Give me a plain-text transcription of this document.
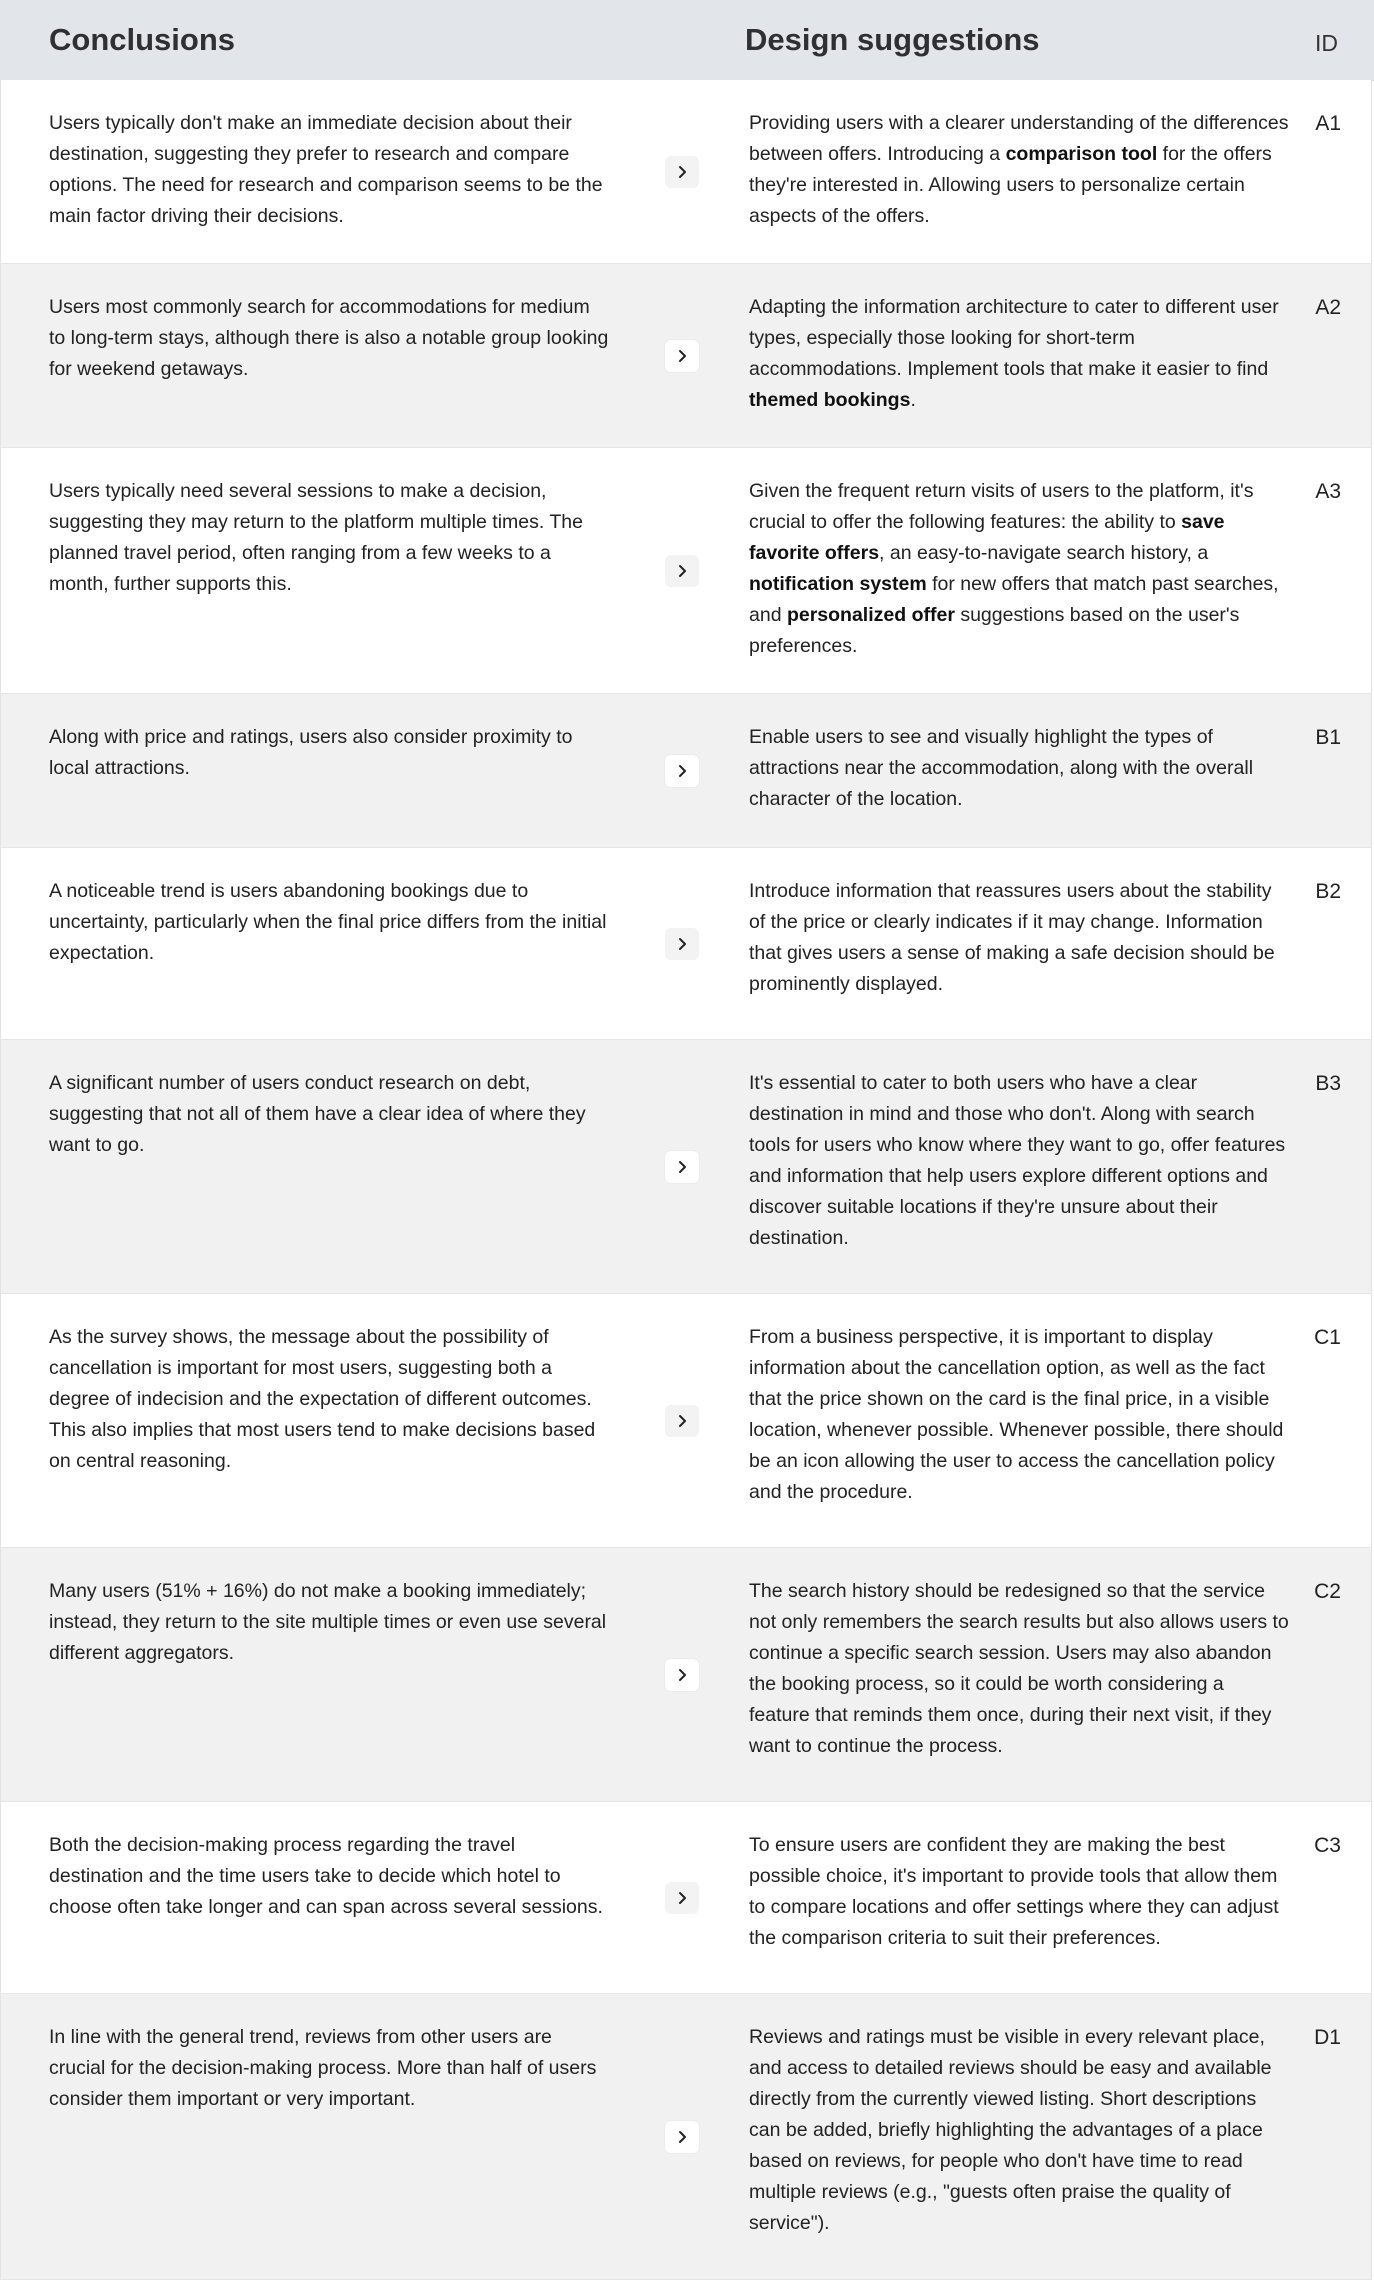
Conclusions	Design suggestions	ID
Users typically don't make an immediate decision about their destination, suggesting they prefer to research and compare options. The need for research and comparison seems to be the main factor driving their decisions.
Providing users with a clearer understanding of the differences between offers. Introducing a comparison tool for the offers they're interested in. Allowing users to personalize certain aspects of the offers.
A1
Users most commonly search for accommodations for medium to long-term stays, although there is also a notable group looking for weekend getaways.
Adapting the information architecture to cater to different user types, especially those looking for short-term accommodations. Implement tools that make it easier to find themed bookings.
A2
Users typically need several sessions to make a decision, suggesting they may return to the platform multiple times. The planned travel period, often ranging from a few weeks to a month, further supports this.
Given the frequent return visits of users to the platform, it's crucial to offer the following features: the ability to save favorite offers, an easy-to-navigate search history, a notification system for new offers that match past searches, and personalized offer suggestions based on the user's preferences.
A3
Along with price and ratings, users also consider proximity to local attractions.
Enable users to see and visually highlight the types of attractions near the accommodation, along with the overall character of the location.
B1
A noticeable trend is users abandoning bookings due to uncertainty, particularly when the final price differs from the initial expectation.
Introduce information that reassures users about the stability of the price or clearly indicates if it may change. Information that gives users a sense of making a safe decision should be prominently displayed.
B2
A significant number of users conduct research on debt, suggesting that not all of them have a clear idea of where they want to go.
It's essential to cater to both users who have a clear destination in mind and those who don't. Along with search tools for users who know where they want to go, offer features and information that help users explore different options and discover suitable locations if they're unsure about their destination.
B3
As the survey shows, the message about the possibility of cancellation is important for most users, suggesting both a degree of indecision and the expectation of different outcomes. This also implies that most users tend to make decisions based on central reasoning.
From a business perspective, it is important to display information about the cancellation option, as well as the fact that the price shown on the card is the final price, in a visible location, whenever possible. Whenever possible, there should be an icon allowing the user to access the cancellation policy and the procedure.
C1
Many users (51% + 16%) do not make a booking immediately; instead, they return to the site multiple times or even use several different aggregators.
The search history should be redesigned so that the service not only remembers the search results but also allows users to continue a specific search session. Users may also abandon the booking process, so it could be worth considering a feature that reminds them once, during their next visit, if they want to continue the process.
C2
Both the decision-making process regarding the travel destination and the time users take to decide which hotel to choose often take longer and can span across several sessions.
To ensure users are confident they are making the best possible choice, it's important to provide tools that allow them to compare locations and offer settings where they can adjust the comparison criteria to suit their preferences.
C3
In line with the general trend, reviews from other users are crucial for the decision-making process. More than half of users consider them important or very important.
Reviews and ratings must be visible in every relevant place, and access to detailed reviews should be easy and available directly from the currently viewed listing. Short descriptions can be added, briefly highlighting the advantages of a place based on reviews, for people who don't have time to read multiple reviews (e.g., "guests often praise the quality of service").
D1
